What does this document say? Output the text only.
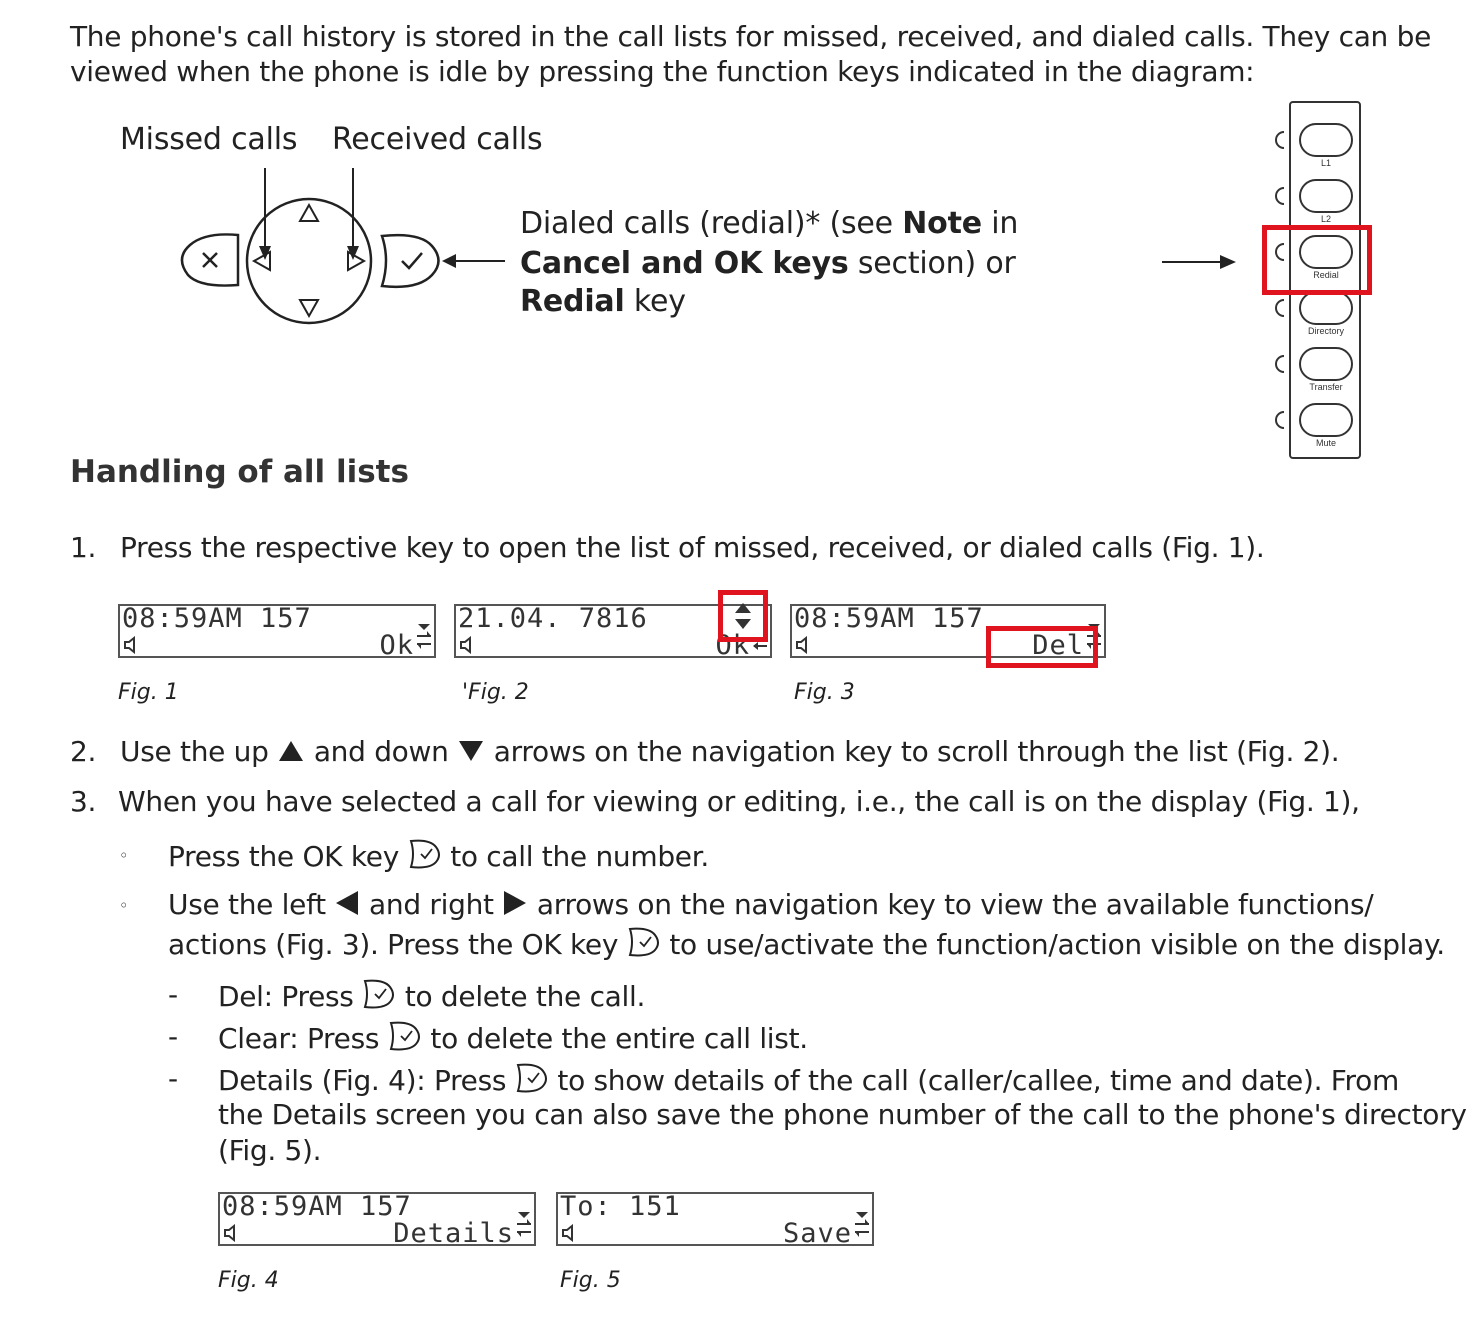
The phone's call history is stored in the call lists for missed, received, and dialed calls. They can be
viewed when the phone is idle by pressing the function keys indicated in the diagram:
Missed calls Received calls
Dialed calls (redial)* (see Note in
Cancel and OK keys section) or
Redial key
L1
L2
Redial
Directory
Transfer
Mute
Handling of all lists
1. Press the respective key to open the list of missed, received, or dialed calls (Fig. 1).
08:59AM 157
Ok
21.04. 7816
Ok
08:59AM 157
Del
Fig. 1	'Fig. 2	Fig. 3
2. Use the up and down arrows on the navigation key to scroll through the list (Fig. 2).
3. When you have selected a call for viewing or editing, i.e., the call is on the display (Fig. 1),
◦ Press the OK key to call the number.
◦ Use the left and right arrows on the navigation key to view the available functions/
actions (Fig. 3). Press the OK key to use/activate the function/action visible on the display.
- Del: Press to delete the call.
- Clear: Press to delete the entire call list.
- Details (Fig. 4): Press to show details of the call (caller/callee, time and date). From
the Details screen you can also save the phone number of the call to the phone's directory
(Fig. 5).
08:59AM 157
Details
To: 151
Save
Fig. 4	Fig. 5
